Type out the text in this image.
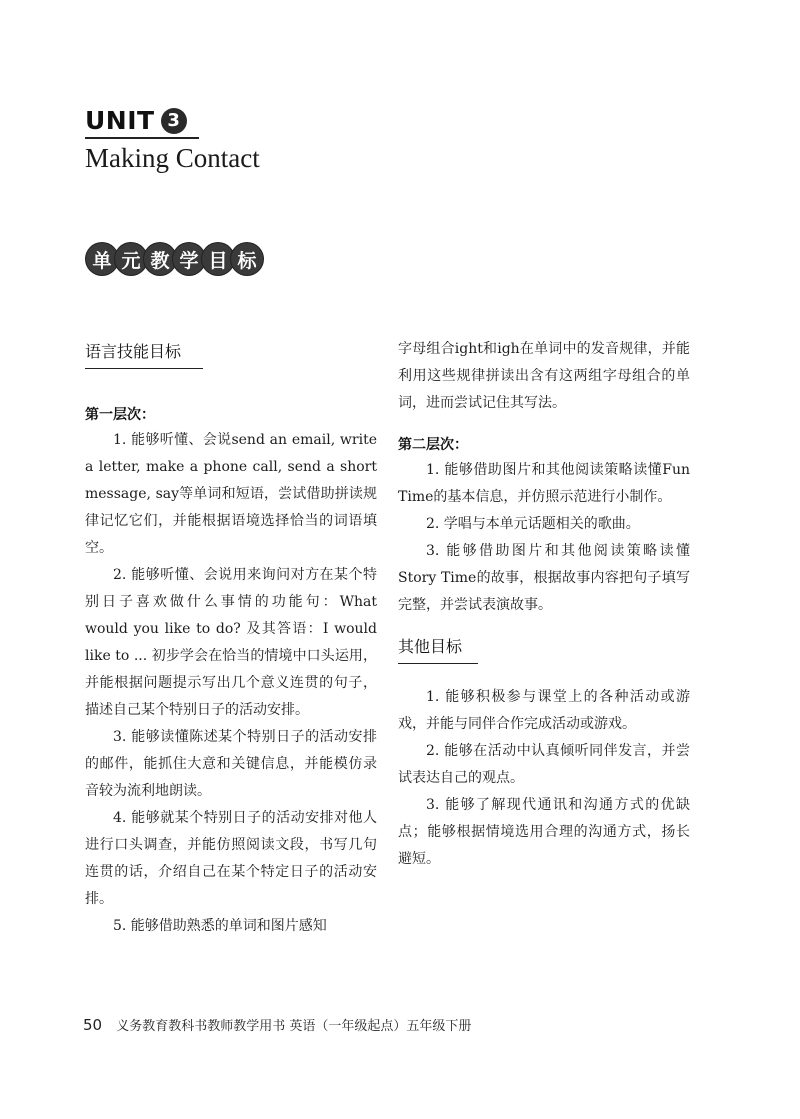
UNIT 3
Making Contact
单 元 教 学 目 标
语言技能目标
第一层次：

1. 能够听懂、会说send an email, write a letter, make a phone call, send a short message, say等单词和短语，尝试借助拼读规律记忆它们，并能根据语境选择恰当的词语填空。

2. 能够听懂、会说用来询问对方在某个特别日子喜欢做什么事情的功能句：What would you like to do? 及其答语：I would like to ... 初步学会在恰当的情境中口头运用，并能根据问题提示写出几个意义连贯的句子，描述自己某个特别日子的活动安排。

3. 能够读懂陈述某个特别日子的活动安排的邮件，能抓住大意和关键信息，并能模仿录音较为流利地朗读。

4. 能够就某个特别日子的活动安排对他人进行口头调查，并能仿照阅读文段，书写几句连贯的话，介绍自己在某个特定日子的活动安排。

5. 能够借助熟悉的单词和图片感知

字母组合ight和igh在单词中的发音规律，并能利用这些规律拼读出含有这两组字母组合的单词，进而尝试记住其写法。

第二层次：

1. 能够借助图片和其他阅读策略读懂Fun Time的基本信息，并仿照示范进行小制作。

2. 学唱与本单元话题相关的歌曲。

3. 能够借助图片和其他阅读策略读懂Story Time的故事，根据故事内容把句子填写完整，并尝试表演故事。

其他目标

1. 能够积极参与课堂上的各种活动或游戏，并能与同伴合作完成活动或游戏。

2. 能够在活动中认真倾听同伴发言，并尝试表达自己的观点。

3. 能够了解现代通讯和沟通方式的优缺点；能够根据情境选用合理的沟通方式，扬长避短。

50 义务教育教科书教师教学用书 英语（一年级起点）五年级下册
